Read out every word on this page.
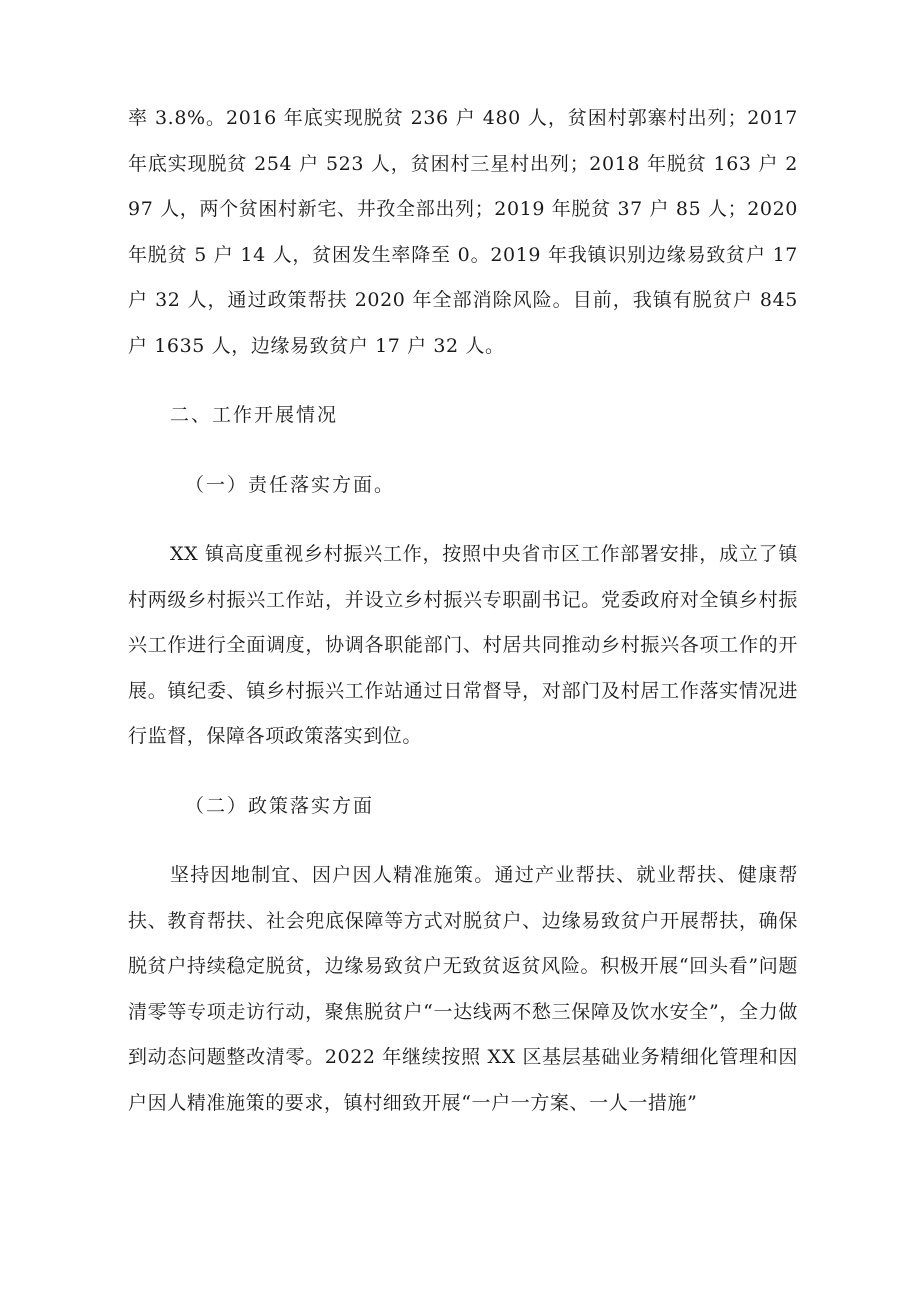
率 3.8%。2016 年底实现脱贫 236 户 480 人，贫困村郭寨村出列；2017 年底实现脱贫 254 户 523 人，贫困村三星村出列；2018 年脱贫 163 户 297 人，两个贫困村新宅、井孜全部出列；2019 年脱贫 37 户 85 人；2020 年脱贫 5 户 14 人，贫困发生率降至 0。2019 年我镇识别边缘易致贫户 17 户 32 人，通过政策帮扶 2020 年全部消除风险。目前，我镇有脱贫户 845 户 1635 人，边缘易致贫户 17 户 32 人。

二、工作开展情况

（一）责任落实方面。

XX 镇高度重视乡村振兴工作，按照中央省市区工作部署安排，成立了镇村两级乡村振兴工作站，并设立乡村振兴专职副书记。党委政府对全镇乡村振兴工作进行全面调度，协调各职能部门、村居共同推动乡村振兴各项工作的开展。镇纪委、镇乡村振兴工作站通过日常督导，对部门及村居工作落实情况进行监督，保障各项政策落实到位。

（二）政策落实方面

坚持因地制宜、因户因人精准施策。通过产业帮扶、就业帮扶、健康帮扶、教育帮扶、社会兜底保障等方式对脱贫户、边缘易致贫户开展帮扶，确保脱贫户持续稳定脱贫，边缘易致贫户无致贫返贫风险。积极开展“回头看”问题清零等专项走访行动，聚焦脱贫户“一达线两不愁三保障及饮水安全”，全力做到动态问题整改清零。2022 年继续按照 XX 区基层基础业务精细化管理和因户因人精准施策的要求，镇村细致开展“一户一方案、一人一措施”
